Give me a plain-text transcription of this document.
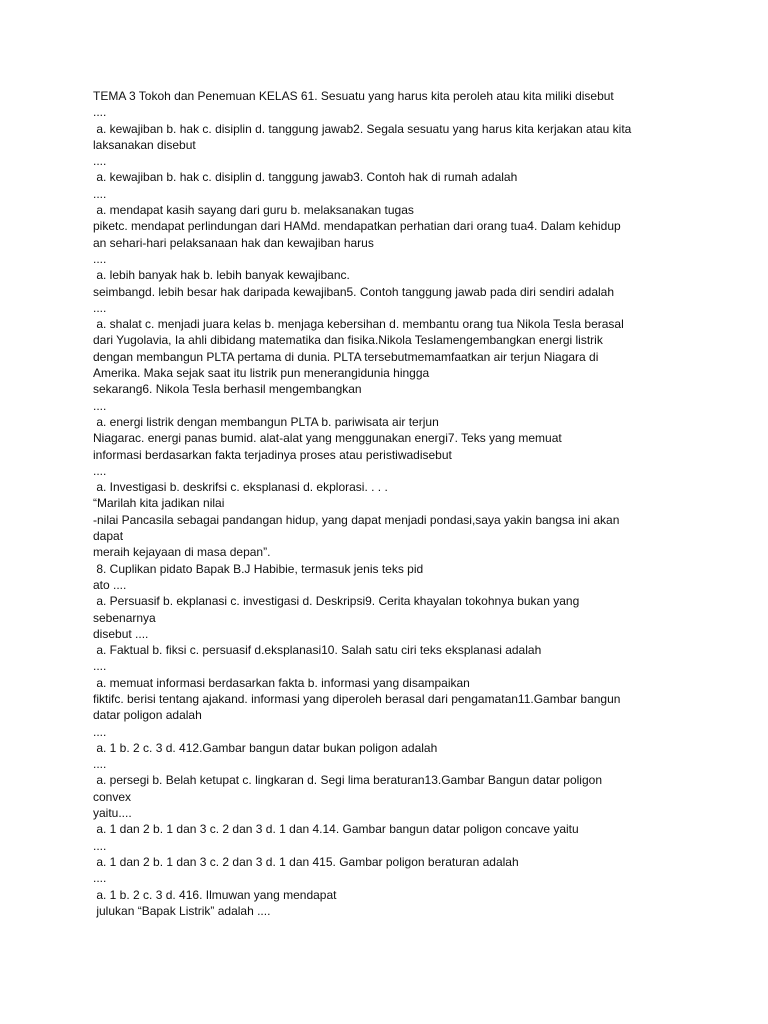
TEMA 3 Tokoh dan Penemuan KELAS 61. Sesuatu yang harus kita peroleh atau kita miliki disebut
....
a. kewajiban b. hak c. disiplin d. tanggung jawab2. Segala sesuatu yang harus kita kerjakan atau kita
laksanakan disebut
....
a. kewajiban b. hak c. disiplin d. tanggung jawab3. Contoh hak di rumah adalah
....
a. mendapat kasih sayang dari guru b. melaksanakan tugas
piketc. mendapat perlindungan dari HAMd. mendapatkan perhatian dari orang tua4. Dalam kehidup
an sehari-hari pelaksanaan hak dan kewajiban harus
....
a. lebih banyak hak b. lebih banyak kewajibanc.
seimbangd. lebih besar hak daripada kewajiban5. Contoh tanggung jawab pada diri sendiri adalah
....
a. shalat c. menjadi juara kelas b. menjaga kebersihan d. membantu orang tua Nikola Tesla berasal
dari Yugolavia, Ia ahli dibidang matematika dan fisika.Nikola Teslamengembangkan energi listrik
dengan membangun PLTA pertama di dunia. PLTA tersebutmemamfaatkan air terjun Niagara di
Amerika. Maka sejak saat itu listrik pun menerangidunia hingga
sekarang6. Nikola Tesla berhasil mengembangkan
....
a. energi listrik dengan membangun PLTA b. pariwisata air terjun
Niagarac. energi panas bumid. alat-alat yang menggunakan energi7. Teks yang memuat
informasi berdasarkan fakta terjadinya proses atau peristiwadisebut
....
a. Investigasi b. deskrifsi c. eksplanasi d. ekplorasi. . . .
“Marilah kita jadikan nilai
-nilai Pancasila sebagai pandangan hidup, yang dapat menjadi pondasi,saya yakin bangsa ini akan
dapat
meraih kejayaan di masa depan”.
8. Cuplikan pidato Bapak B.J Habibie, termasuk jenis teks pid
ato ....
a. Persuasif b. ekplanasi c. investigasi d. Deskripsi9. Cerita khayalan tokohnya bukan yang
sebenarnya
disebut ....
a. Faktual b. fiksi c. persuasif d.eksplanasi10. Salah satu ciri teks eksplanasi adalah
....
a. memuat informasi berdasarkan fakta b. informasi yang disampaikan
fiktifc. berisi tentang ajakand. informasi yang diperoleh berasal dari pengamatan11.Gambar bangun
datar poligon adalah
....
a. 1 b. 2 c. 3 d. 412.Gambar bangun datar bukan poligon adalah
....
a. persegi b. Belah ketupat c. lingkaran d. Segi lima beraturan13.Gambar Bangun datar poligon
convex
yaitu....
a. 1 dan 2 b. 1 dan 3 c. 2 dan 3 d. 1 dan 4.14. Gambar bangun datar poligon concave yaitu
....
a. 1 dan 2 b. 1 dan 3 c. 2 dan 3 d. 1 dan 415. Gambar poligon beraturan adalah
....
a. 1 b. 2 c. 3 d. 416. Ilmuwan yang mendapat
julukan “Bapak Listrik” adalah ....
